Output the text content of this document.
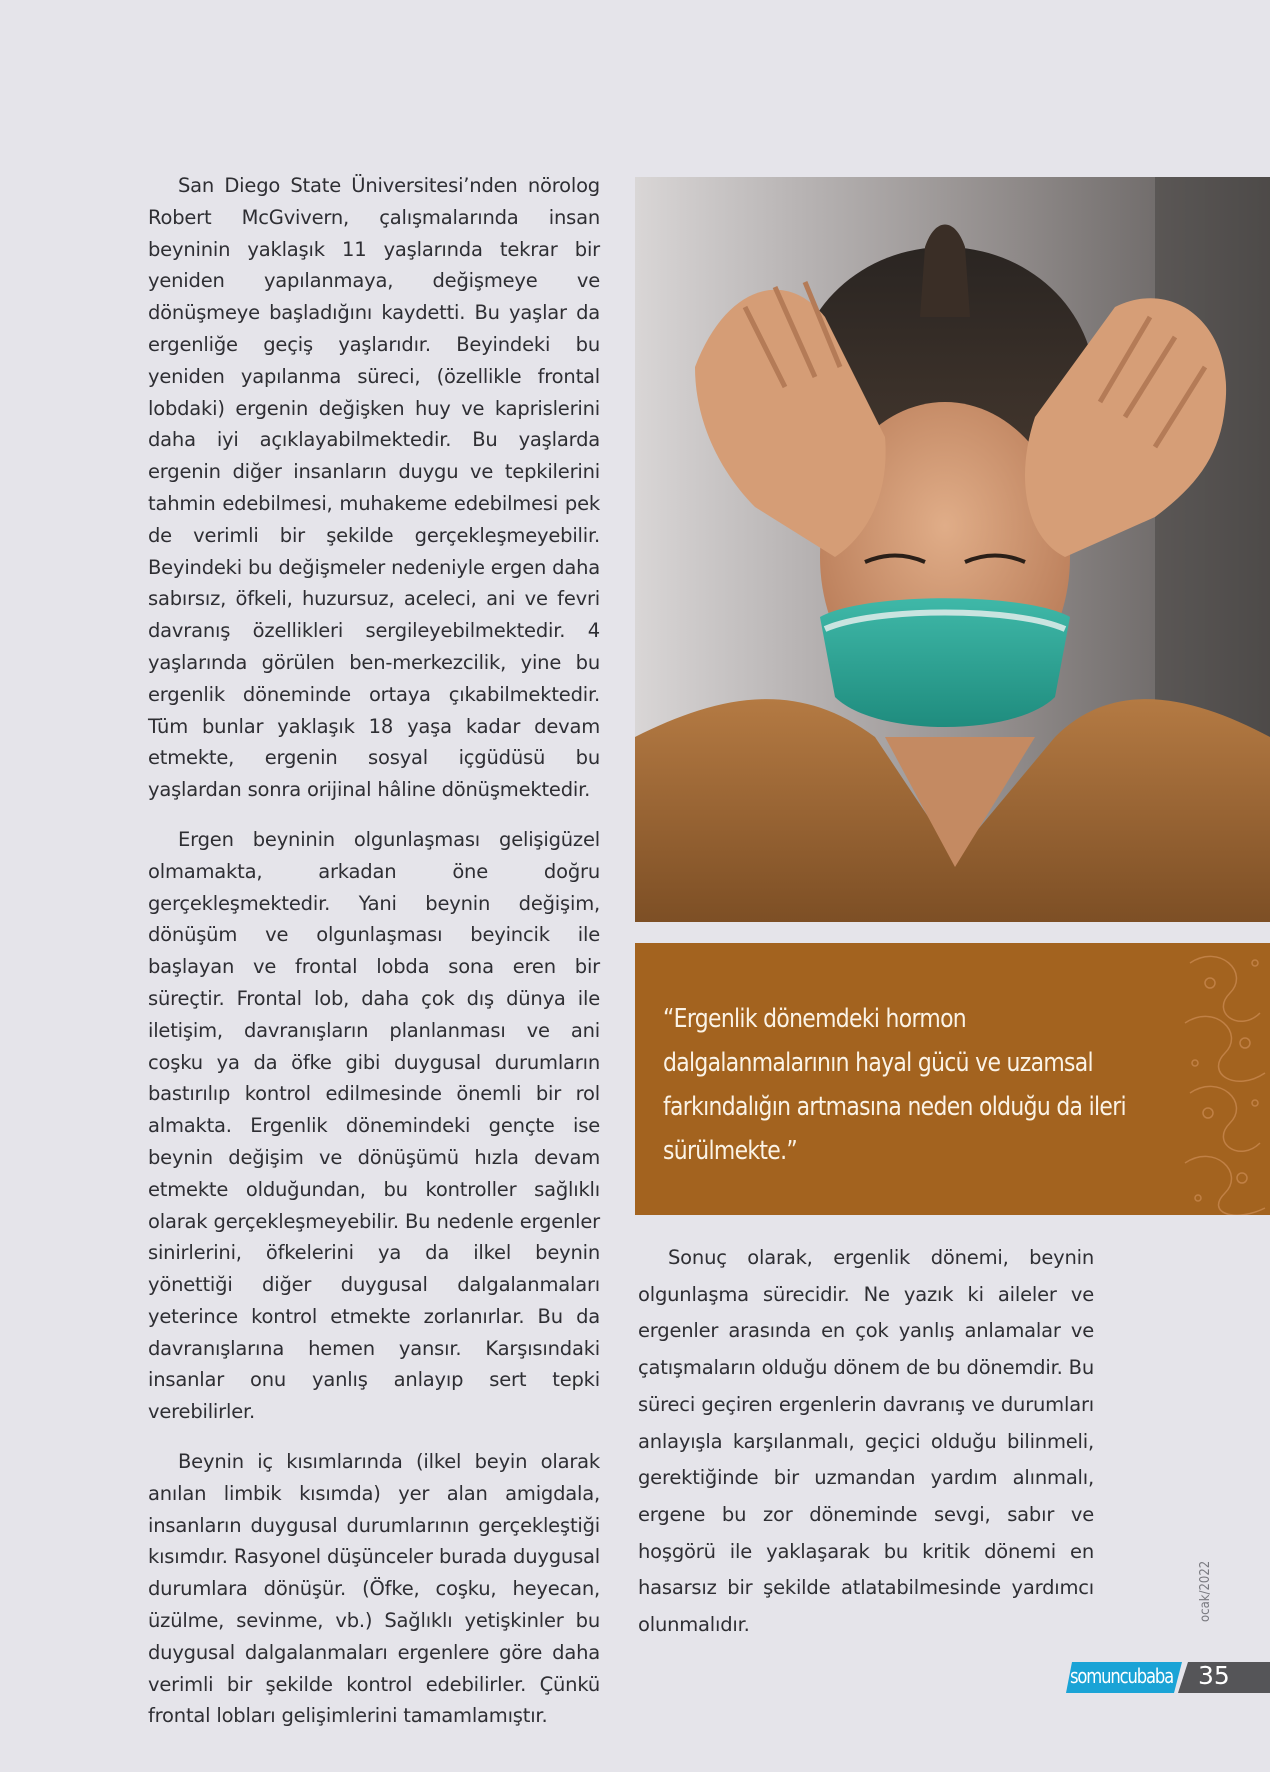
San Diego State Üniversitesi’nden nörolog Robert McGvivern, çalışmalarında insan beyninin yaklaşık 11 yaşlarında tekrar bir yeniden yapılanmaya, değişmeye ve dönüşmeye başladığını kaydetti. Bu yaşlar da ergenliğe geçiş yaşlarıdır. Beyindeki bu yeniden yapılanma süreci, (özellikle frontal lobdaki) ergenin değişken huy ve kaprislerini daha iyi açıklayabilmektedir. Bu yaşlarda ergenin diğer insanların duygu ve tepkilerini tahmin edebilmesi, muhakeme edebilmesi pek de verimli bir şekilde gerçekleşmeyebilir. Beyindeki bu değişmeler nedeniyle ergen daha sabırsız, öfkeli, huzursuz, aceleci, ani ve fevri davranış özellikleri sergileyebilmektedir. 4 yaşlarında görülen ben-merkezcilik, yine bu ergenlik döneminde ortaya çıkabilmektedir. Tüm bunlar yaklaşık 18 yaşa kadar devam etmekte, ergenin sosyal içgüdüsü bu yaşlardan sonra orijinal hâline dönüşmektedir.

Ergen beyninin olgunlaşması gelişigüzel olmamakta, arkadan öne doğru gerçekleşmektedir. Yani beynin değişim, dönüşüm ve olgunlaşması beyincik ile başlayan ve frontal lobda sona eren bir süreçtir. Frontal lob, daha çok dış dünya ile iletişim, davranışların planlanması ve ani coşku ya da öfke gibi duygusal durumların bastırılıp kontrol edilmesinde önemli bir rol almakta. Ergenlik dönemindeki gençte ise beynin değişim ve dönüşümü hızla devam etmekte olduğundan, bu kontroller sağlıklı olarak gerçekleşmeyebilir. Bu nedenle ergenler sinirlerini, öfkelerini ya da ilkel beynin yönettiği diğer duygusal dalgalanmaları yeterince kontrol etmekte zorlanırlar. Bu da davranışlarına hemen yansır. Karşısındaki insanlar onu yanlış anlayıp sert tepki verebilirler.

Beynin iç kısımlarında (ilkel beyin olarak anılan limbik kısımda) yer alan amigdala, insanların duygusal durumlarının gerçekleştiği kısımdır. Rasyonel düşünceler burada duygusal durumlara dönüşür. (Öfke, coşku, heyecan, üzülme, sevinme, vb.) Sağlıklı yetişkinler bu duygusal dalgalanmaları ergenlere göre daha verimli bir şekilde kontrol edebilirler. Çünkü frontal lobları gelişimlerini tamamlamıştır.

“Ergenlik dönemdeki hormon dalgalanmalarının hayal gücü ve uzamsal farkındalığın artmasına neden olduğu da ileri sürülmekte.”

Sonuç olarak, ergenlik dönemi, beynin olgunlaşma sürecidir. Ne yazık ki aileler ve ergenler arasında en çok yanlış anlamalar ve çatışmaların olduğu dönem de bu dönemdir. Bu süreci geçiren ergenlerin davranış ve durumları anlayışla karşılanmalı, geçici olduğu bilinmeli, gerektiğinde bir uzmandan yardım alınmalı, ergene bu zor döneminde sevgi, sabır ve hoşgörü ile yaklaşarak bu kritik dönemi en hasarsız bir şekilde atlatabilmesinde yardımcı olunmalıdır.

ocak/2022
somuncubaba 35
